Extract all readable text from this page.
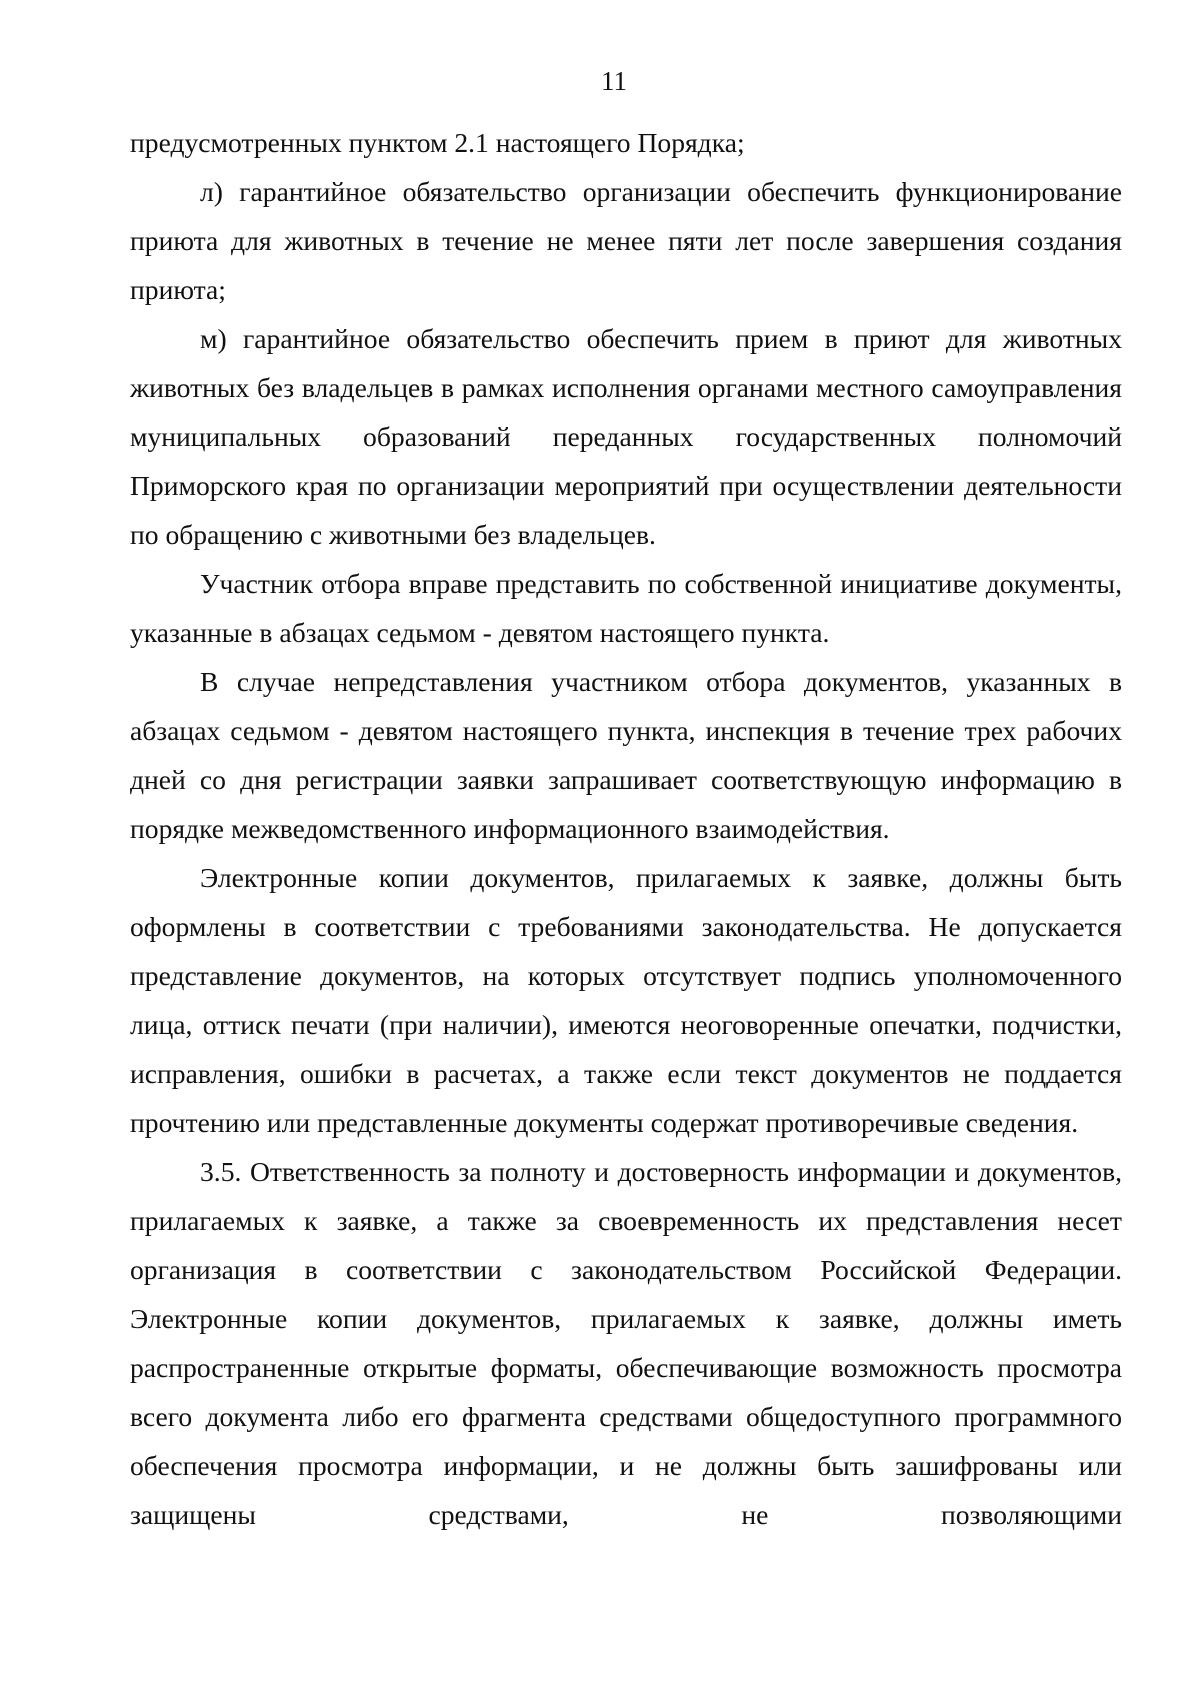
11

предусмотренных пунктом 2.1 настоящего Порядка;

л) гарантийное обязательство организации обеспечить функционирование приюта для животных в течение не менее пяти лет после завершения создания приюта;

м) гарантийное обязательство обеспечить прием в приют для животных животных без владельцев в рамках исполнения органами местного самоуправления муниципальных образований переданных государственных полномочий Приморского края по организации мероприятий при осуществлении деятельности по обращению с животными без владельцев.

Участник отбора вправе представить по собственной инициативе документы, указанные в абзацах седьмом - девятом настоящего пункта.

В случае непредставления участником отбора документов, указанных в абзацах седьмом - девятом настоящего пункта, инспекция в течение трех рабочих дней со дня регистрации заявки запрашивает соответствующую информацию в порядке межведомственного информационного взаимодействия.

Электронные копии документов, прилагаемых к заявке, должны быть оформлены в соответствии с требованиями законодательства. Не допускается представление документов, на которых отсутствует подпись уполномоченного лица, оттиск печати (при наличии), имеются неоговоренные опечатки, подчистки, исправления, ошибки в расчетах, а также если текст документов не поддается прочтению или представленные документы содержат противоречивые сведения.

3.5. Ответственность за полноту и достоверность информации и документов, прилагаемых к заявке, а также за своевременность их представления несет организация в соответствии с законодательством Российской Федерации. Электронные копии документов, прилагаемых к заявке, должны иметь распространенные открытые форматы, обеспечивающие возможность просмотра всего документа либо его фрагмента средствами общедоступного программного обеспечения просмотра информации, и не должны быть зашифрованы или защищены средствами, не позволяющими
